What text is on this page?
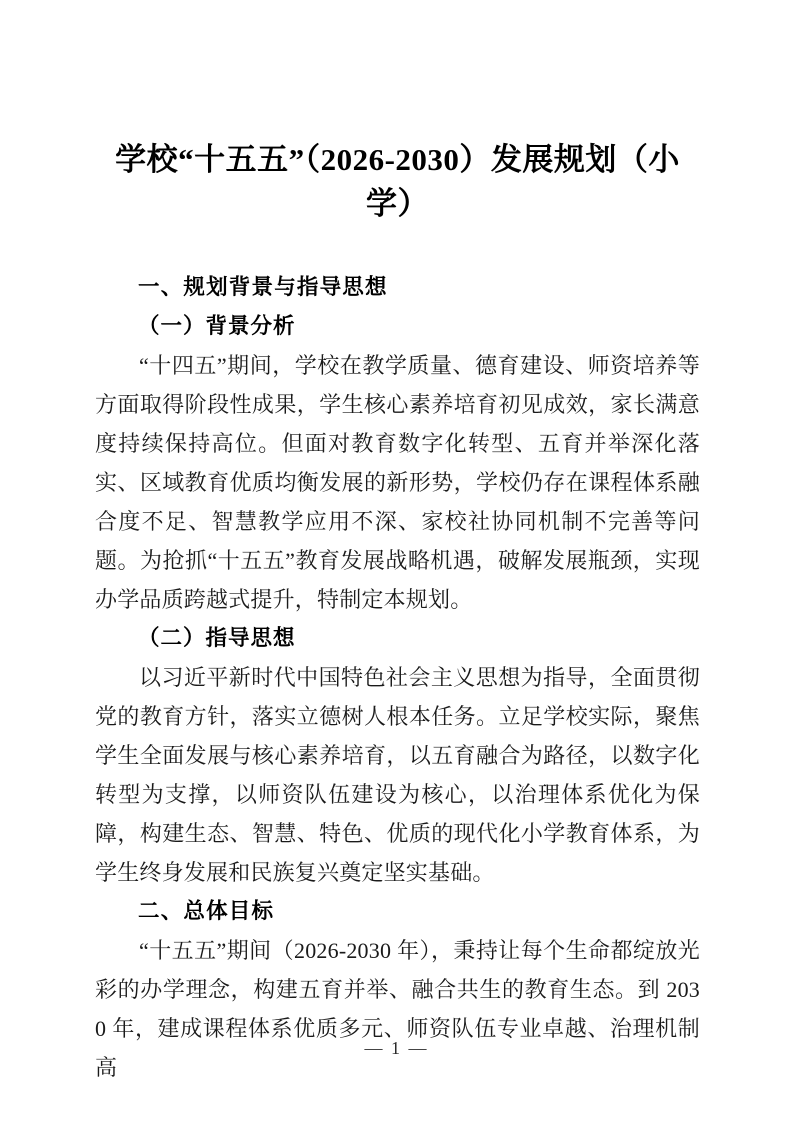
学校“十五五”（2026-2030）发展规划（小学）

一、规划背景与指导思想

（一）背景分析

“十四五”期间，学校在教学质量、德育建设、师资培养等方面取得阶段性成果，学生核心素养培育初见成效，家长满意度持续保持高位。但面对教育数字化转型、五育并举深化落实、区域教育优质均衡发展的新形势，学校仍存在课程体系融合度不足、智慧教学应用不深、家校社协同机制不完善等问题。为抢抓“十五五”教育发展战略机遇，破解发展瓶颈，实现办学品质跨越式提升，特制定本规划。

（二）指导思想

以习近平新时代中国特色社会主义思想为指导，全面贯彻党的教育方针，落实立德树人根本任务。立足学校实际，聚焦学生全面发展与核心素养培育，以五育融合为路径，以数字化转型为支撑，以师资队伍建设为核心，以治理体系优化为保障，构建生态、智慧、特色、优质的现代化小学教育体系，为学生终身发展和民族复兴奠定坚实基础。

二、总体目标

“十五五”期间（2026-2030 年），秉持让每个生命都绽放光彩的办学理念，构建五育并举、融合共生的教育生态。到 2030 年，建成课程体系优质多元、师资队伍专业卓越、治理机制高

— 1 —
